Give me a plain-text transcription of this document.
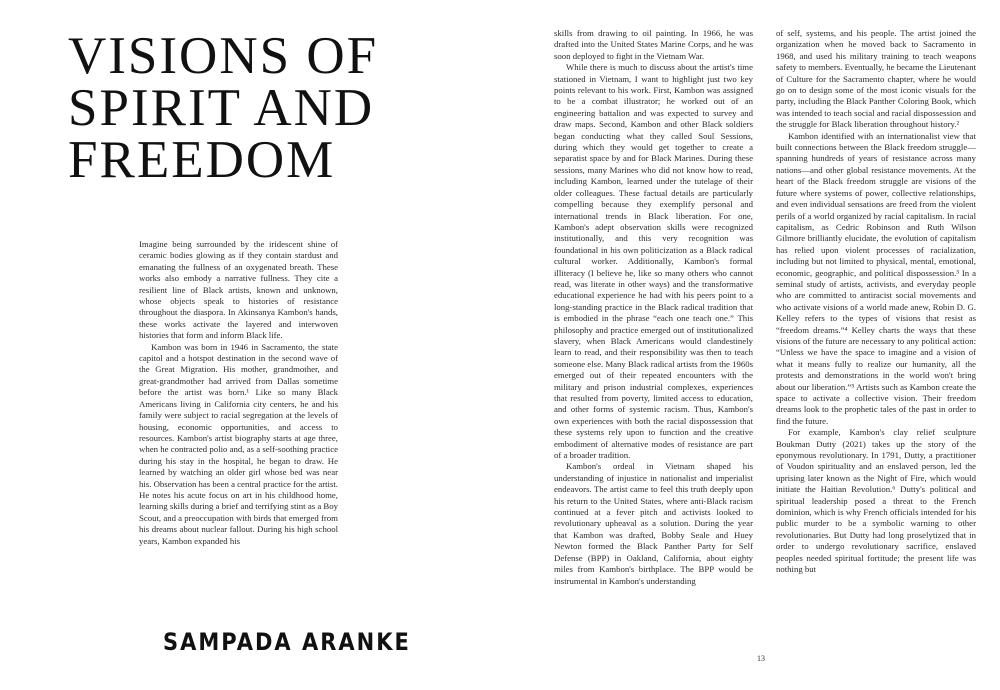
VISIONS OF
SPIRIT AND
FREEDOM

Imagine being surrounded by the iridescent shine of ceramic bodies glowing as if they contain stardust and emanating the fullness of an oxygenated breath. These works also embody a narrative fullness. They cite a resilient line of Black artists, known and unknown, whose objects speak to histories of resistance throughout the diaspora. In Akinsanya Kambon's hands, these works activate the layered and interwoven histories that form and inform Black life.

Kambon was born in 1946 in Sacramento, the state capitol and a hotspot destination in the second wave of the Great Migration. His mother, grandmother, and great-grandmother had arrived from Dallas sometime before the artist was born.¹ Like so many Black Americans living in California city centers, he and his family were subject to racial segregation at the levels of housing, economic opportunities, and access to resources. Kambon's artist biography starts at age three, when he contracted polio and, as a self-soothing practice during his stay in the hospital, he began to draw. He learned by watching an older girl whose bed was near his. Observation has been a central practice for the artist. He notes his acute focus on art in his childhood home, learning skills during a brief and terrifying stint as a Boy Scout, and a preoccupation with birds that emerged from his dreams about nuclear fallout. During his high school years, Kambon expanded his

SAMPADA ARANKE

skills from drawing to oil painting. In 1966, he was drafted into the United States Marine Corps, and he was soon deployed to fight in the Vietnam War.

While there is much to discuss about the artist's time stationed in Vietnam, I want to highlight just two key points relevant to his work. First, Kambon was assigned to be a combat illustrator; he worked out of an engineering battalion and was expected to survey and draw maps. Second, Kambon and other Black soldiers began conducting what they called Soul Sessions, during which they would get together to create a separatist space by and for Black Marines. During these sessions, many Marines who did not know how to read, including Kambon, learned under the tutelage of their older colleagues. These factual details are particularly compelling because they exemplify personal and international trends in Black liberation. For one, Kambon's adept observation skills were recognized institutionally, and this very recognition was foundational in his own politicization as a Black radical cultural worker. Additionally, Kambon's formal illiteracy (I believe he, like so many others who cannot read, was literate in other ways) and the transformative educational experience he had with his peers point to a long-standing practice in the Black radical tradition that is embodied in the phrase “each one teach one.” This philosophy and practice emerged out of institutionalized slavery, when Black Americans would clandestinely learn to read, and their responsibility was then to teach someone else. Many Black radical artists from the 1960s emerged out of their repeated encounters with the military and prison industrial complexes, experiences that resulted from poverty, limited access to education, and other forms of systemic racism. Thus, Kambon's own experiences with both the racial dispossession that these systems rely upon to function and the creative embodiment of alternative modes of resistance are part of a broader tradition.

Kambon's ordeal in Vietnam shaped his understanding of injustice in nationalist and imperialist endeavors. The artist came to feel this truth deeply upon his return to the United States, where anti-Black racism continued at a fever pitch and activists looked to revolutionary upheaval as a solution. During the year that Kambon was drafted, Bobby Seale and Huey Newton formed the Black Panther Party for Self Defense (BPP) in Oakland, California, about eighty miles from Kambon's birthplace. The BPP would be instrumental in Kambon's understanding

of self, systems, and his people. The artist joined the organization when he moved back to Sacramento in 1968, and used his military training to teach weapons safety to members. Eventually, he became the Lieutenant of Culture for the Sacramento chapter, where he would go on to design some of the most iconic visuals for the party, including the Black Panther Coloring Book, which was intended to teach social and racial dispossession and the struggle for Black liberation throughout history.²

Kambon identified with an internationalist view that built connections between the Black freedom struggle—spanning hundreds of years of resistance across many nations—and other global resistance movements. At the heart of the Black freedom struggle are visions of the future where systems of power, collective relationships, and even individual sensations are freed from the violent perils of a world organized by racial capitalism. In racial capitalism, as Cedric Robinson and Ruth Wilson Gilmore brilliantly elucidate, the evolution of capitalism has relied upon violent processes of racialization, including but not limited to physical, mental, emotional, economic, geographic, and political dispossession.³ In a seminal study of artists, activists, and everyday people who are committed to antiracist social movements and who activate visions of a world made anew, Robin D. G. Kelley refers to the types of visions that resist as “freedom dreams.”⁴ Kelley charts the ways that these visions of the future are necessary to any political action: “Unless we have the space to imagine and a vision of what it means fully to realize our humanity, all the protests and demonstrations in the world won't bring about our liberation.”⁵ Artists such as Kambon create the space to activate a collective vision. Their freedom dreams look to the prophetic tales of the past in order to find the future.

For example, Kambon's clay relief sculpture Boukman Dutty (2021) takes up the story of the eponymous revolutionary. In 1791, Dutty, a practitioner of Voudon spirituality and an enslaved person, led the uprising later known as the Night of Fire, which would initiate the Haitian Revolution.⁶ Dutty's political and spiritual leadership posed a threat to the French dominion, which is why French officials intended for his public murder to be a symbolic warning to other revolutionaries. But Dutty had long proselytized that in order to undergo revolutionary sacrifice, enslaved peoples needed spiritual fortitude; the present life was nothing but

13
